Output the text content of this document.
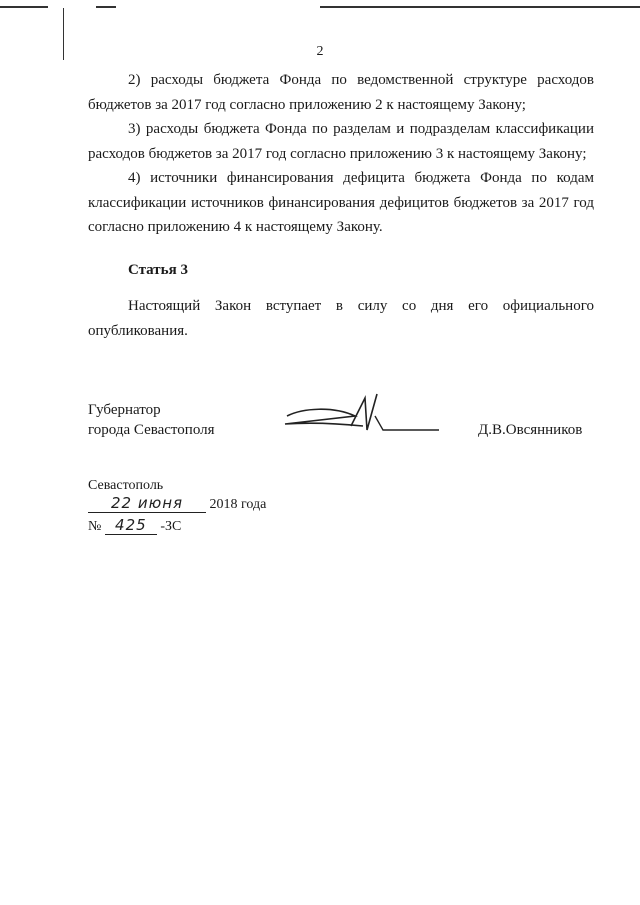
2

2) расходы бюджета Фонда по ведомственной структуре расходов бюджетов за 2017 год согласно приложению 2 к настоящему Закону;

3) расходы бюджета Фонда по разделам и подразделам классификации расходов бюджетов за 2017 год согласно приложению 3 к настоящему Закону;

4) источники финансирования дефицита бюджета Фонда по кодам классификации источников финансирования дефицитов бюджетов за 2017 год согласно приложению 4 к настоящему Закону.

Статья 3

Настоящий Закон вступает в силу со дня его официального опубликования.

Губернатор
города Севастополя	Д.В.Овсянников
Севастополь
22 июня 2018 года
№ 425 -ЗС
